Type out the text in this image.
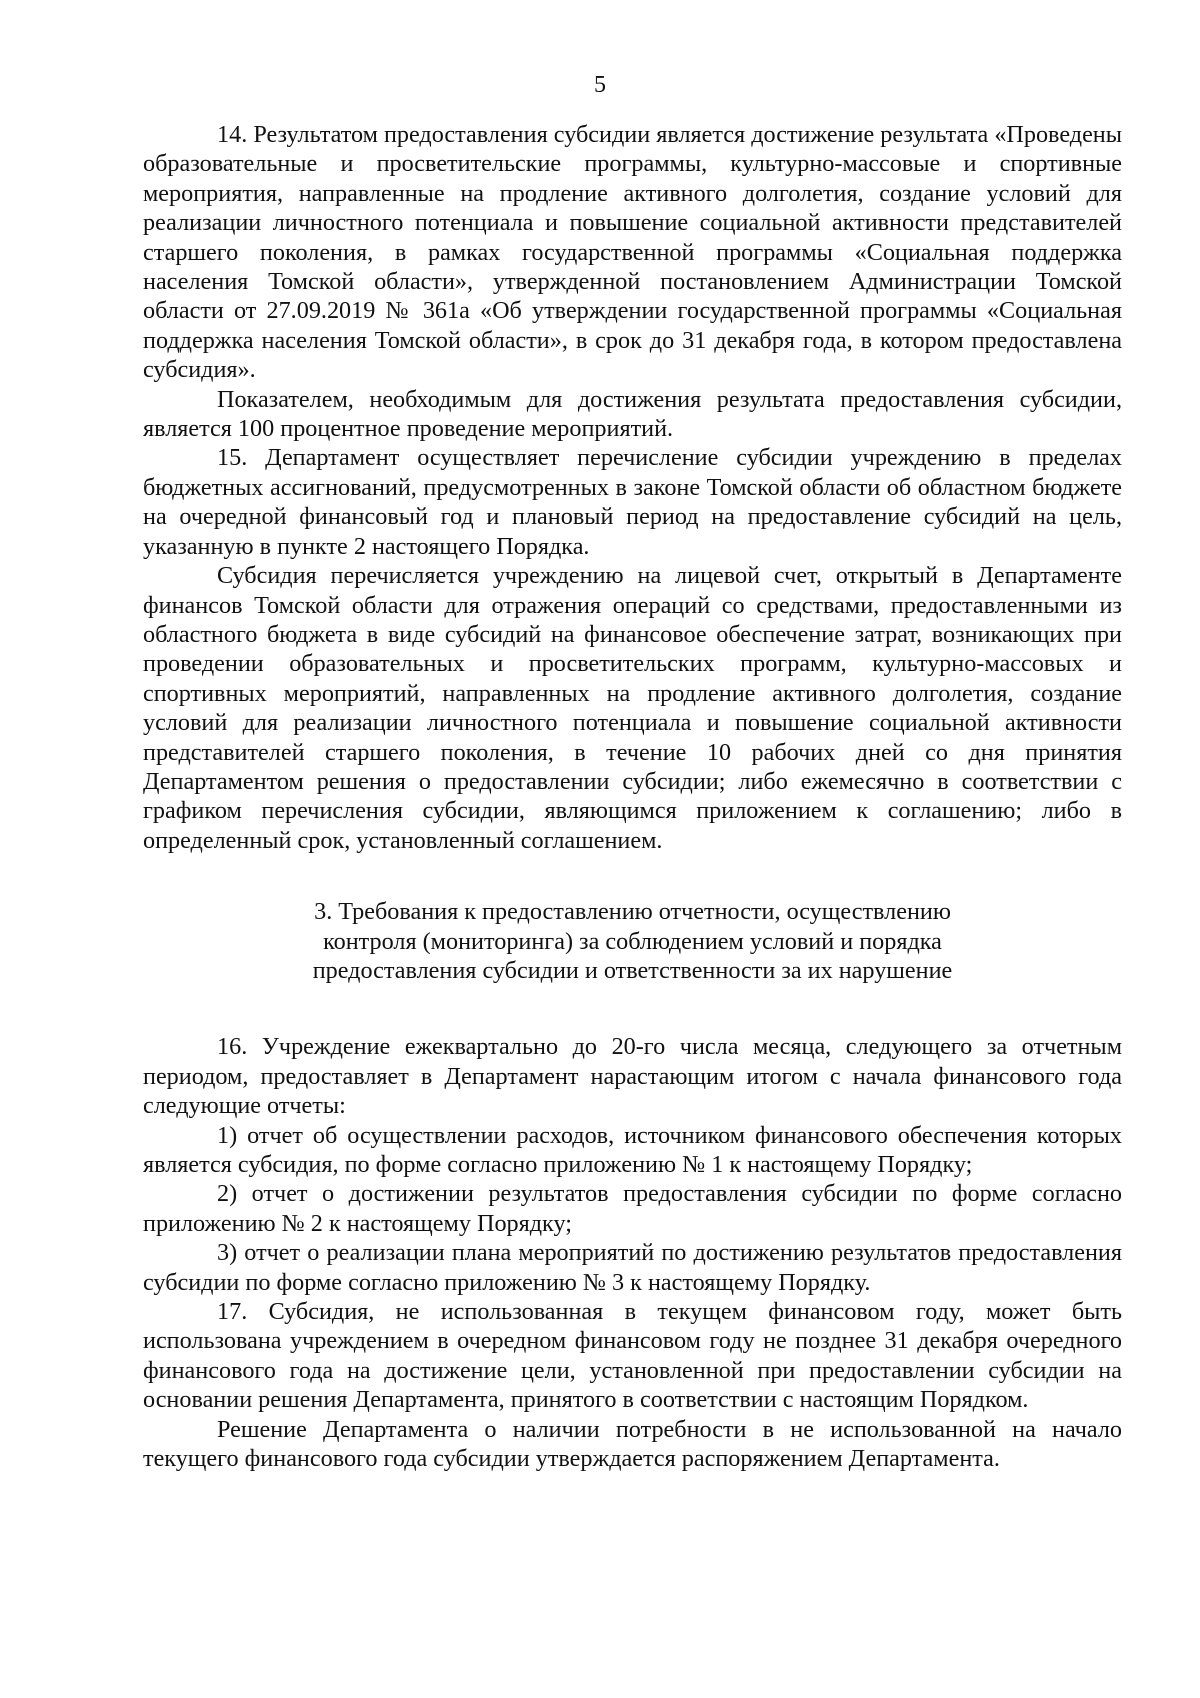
5

14. Результатом предоставления субсидии является достижение результата «Проведены образовательные и просветительские программы, культурно-массовые и спортивные мероприятия, направленные на продление активного долголетия, создание условий для реализации личностного потенциала и повышение социальной активности представителей старшего поколения, в рамках государственной программы «Социальная поддержка населения Томской области», утвержденной постановлением Администрации Томской области от 27.09.2019 № 361а «Об утверждении государственной программы «Социальная поддержка населения Томской области», в срок до 31 декабря года, в котором предоставлена субсидия».

Показателем, необходимым для достижения результата предоставления субсидии, является 100 процентное проведение мероприятий.

15. Департамент осуществляет перечисление субсидии учреждению в пределах бюджетных ассигнований, предусмотренных в законе Томской области об областном бюджете на очередной финансовый год и плановый период на предоставление субсидий на цель, указанную в пункте 2 настоящего Порядка.

Субсидия перечисляется учреждению на лицевой счет, открытый в Департаменте финансов Томской области для отражения операций со средствами, предоставленными из областного бюджета в виде субсидий на финансовое обеспечение затрат, возникающих при проведении образовательных и просветительских программ, культурно-массовых и спортивных мероприятий, направленных на продление активного долголетия, создание условий для реализации личностного потенциала и повышение социальной активности представителей старшего поколения, в течение 10 рабочих дней со дня принятия Департаментом решения о предоставлении субсидии; либо ежемесячно в соответствии с графиком перечисления субсидии, являющимся приложением к соглашению; либо в определенный срок, установленный соглашением.

3. Требования к предоставлению отчетности, осуществлению
контроля (мониторинга) за соблюдением условий и порядка
предоставления субсидии и ответственности за их нарушение

16. Учреждение ежеквартально до 20-го числа месяца, следующего за отчетным периодом, предоставляет в Департамент нарастающим итогом с начала финансового года следующие отчеты:

1) отчет об осуществлении расходов, источником финансового обеспечения которых является субсидия, по форме согласно приложению № 1 к настоящему Порядку;

2) отчет о достижении результатов предоставления субсидии по форме согласно приложению № 2 к настоящему Порядку;

3) отчет о реализации плана мероприятий по достижению результатов предоставления субсидии по форме согласно приложению № 3 к настоящему Порядку.

17. Субсидия, не использованная в текущем финансовом году, может быть использована учреждением в очередном финансовом году не позднее 31 декабря очередного финансового года на достижение цели, установленной при предоставлении субсидии на основании решения Департамента, принятого в соответствии с настоящим Порядком.

Решение Департамента о наличии потребности в не использованной на начало текущего финансового года субсидии утверждается распоряжением Департамента.
